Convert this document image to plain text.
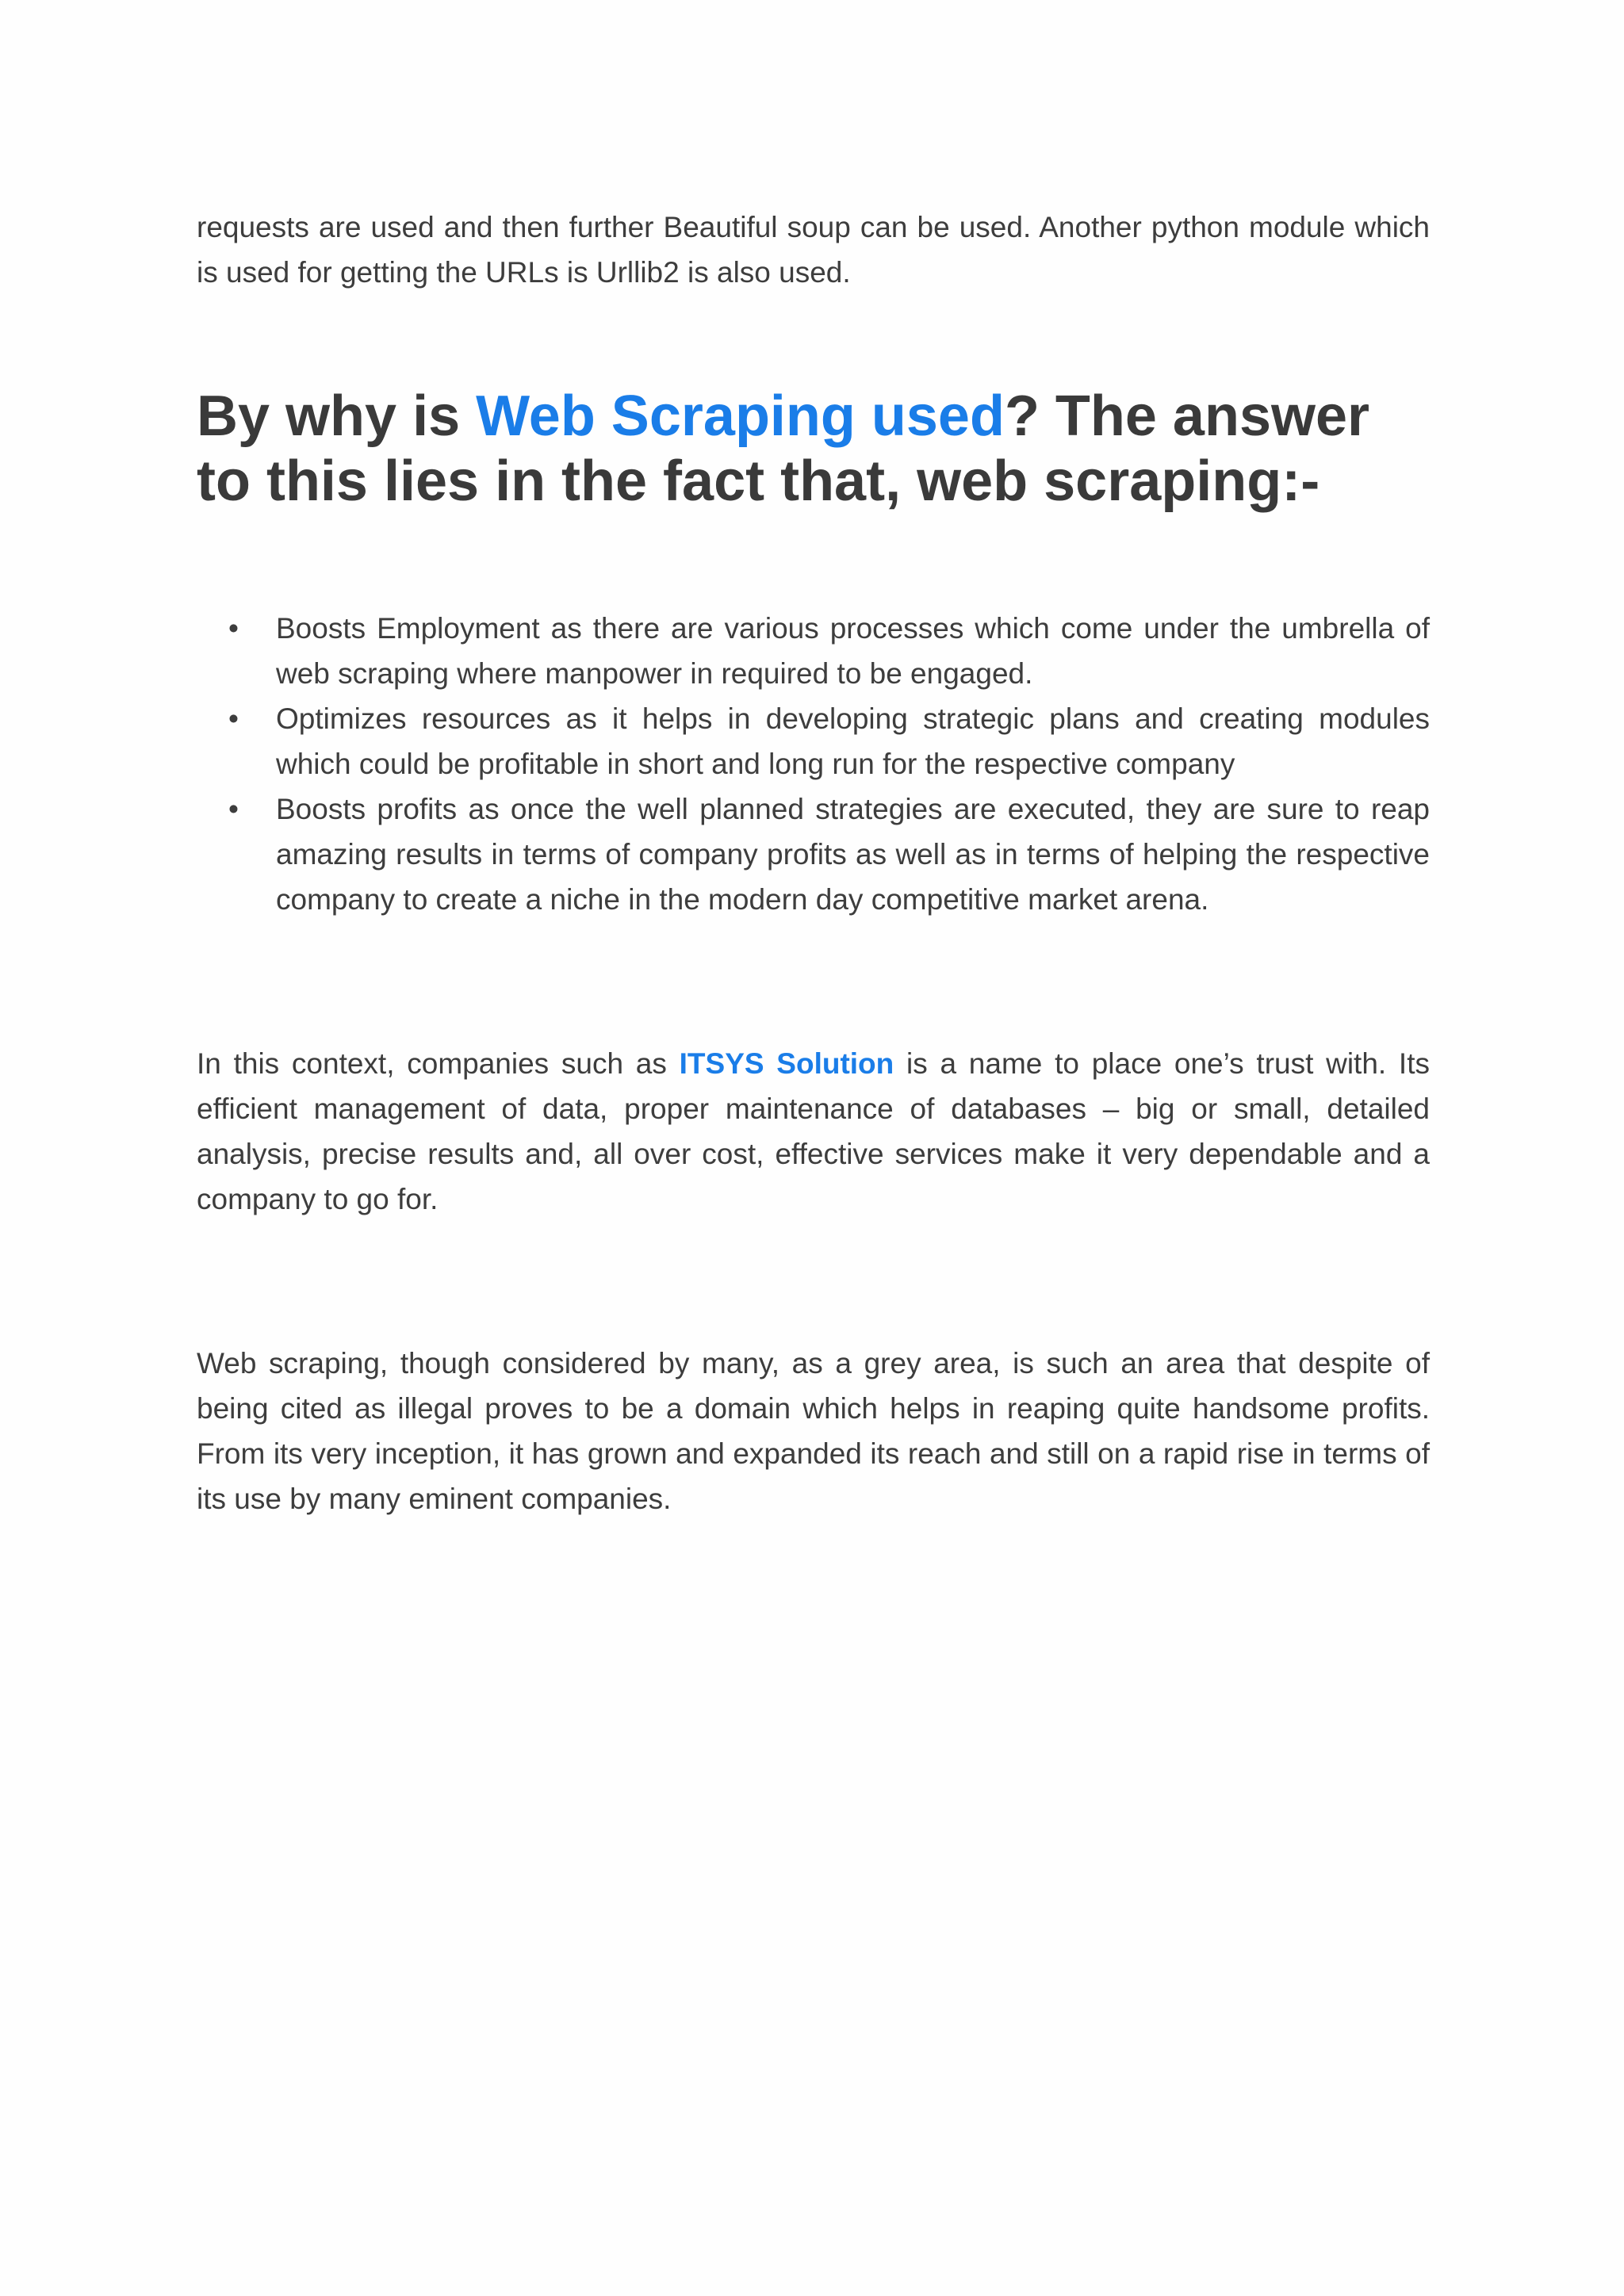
requests are used and then further Beautiful soup can be used. Another python module which is used for getting the URLs is Urllib2 is also used.

By why is Web Scraping used? The answer to this lies in the fact that, web scraping:-
• Boosts Employment as there are various processes which come under the umbrella of web scraping where manpower in required to be engaged.
• Optimizes resources as it helps in developing strategic plans and creating modules which could be profitable in short and long run for the respective company
• Boosts profits as once the well planned strategies are executed, they are sure to reap amazing results in terms of company profits as well as in terms of helping the respective company to create a niche in the modern day competitive market arena.

In this context, companies such as ITSYS Solution is a name to place one’s trust with. Its efficient management of data, proper maintenance of databases – big or small, detailed analysis, precise results and, all over cost, effective services make it very dependable and a company to go for.

Web scraping, though considered by many, as a grey area, is such an area that despite of being cited as illegal proves to be a domain which helps in reaping quite handsome profits. From its very inception, it has grown and expanded its reach and still on a rapid rise in terms of its use by many eminent companies.
